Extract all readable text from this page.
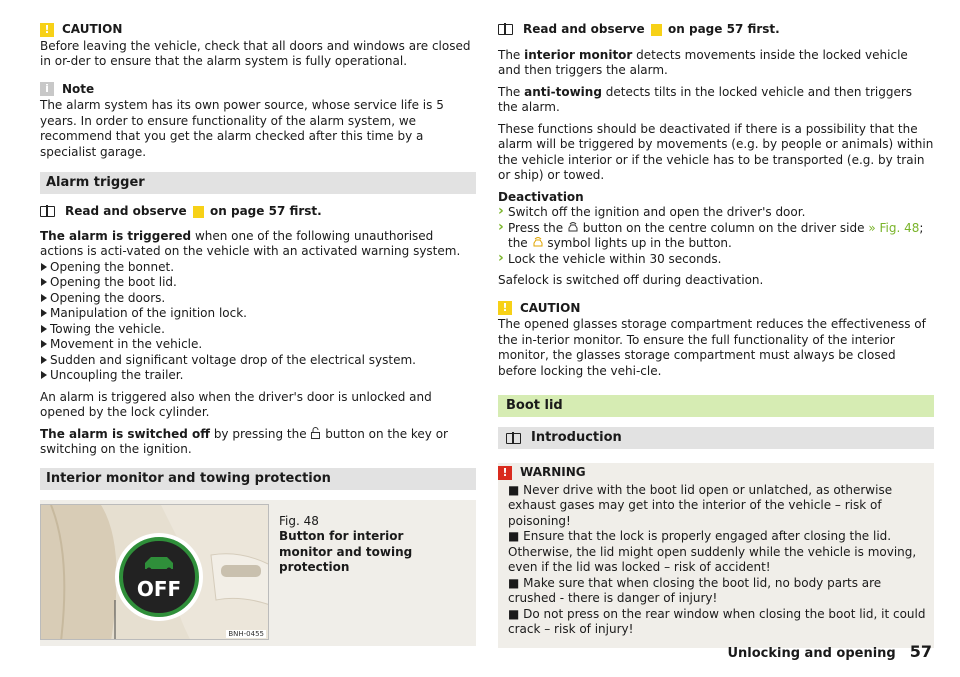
!	CAUTION

Before leaving the vehicle, check that all doors and windows are closed in or-der to ensure that the alarm system is fully operational.

i	Note

The alarm system has its own power source, whose service life is 5 years. In order to ensure functionality of the alarm system, we recommend that you get the alarm checked after this time by a specialist garage.

Alarm trigger
Read and observe

on page 57 first.
The alarm is triggered when one of the following unauthorised actions is acti-vated on the vehicle with an activated warning system.
Opening the bonnet.
Opening the boot lid.
Opening the doors.
Manipulation of the ignition lock.
Towing the vehicle.
Movement in the vehicle.
Sudden and significant voltage drop of the electrical system.
Uncoupling the trailer.

An alarm is triggered also when the driver's door is unlocked and opened by the lock cylinder.

The alarm is switched off by pressing the  button on the key or switching on the ignition.

Interior monitor and towing protection
OFF
BNH-0455
Fig. 48
Button for interior monitor and towing protection
Read and observe

on page 57 first.

The interior monitor detects movements inside the locked vehicle and then triggers the alarm.

The anti-towing detects tilts in the locked vehicle and then triggers the alarm.

These functions should be deactivated if there is a possibility that the alarm will be triggered by movements (e.g. by people or animals) within the vehicle interior or if the vehicle has to be transported (e.g. by train or ship) or towed.

Deactivation
› Switch off the ignition and open the driver's door.
› Press the  button on the centre column on the driver side » Fig. 48; the  symbol lights up in the button.
› Lock the vehicle within 30 seconds.

Safelock is switched off during deactivation.

!	CAUTION

The opened glasses storage compartment reduces the effectiveness of the in-terior monitor. To ensure the full functionality of the interior monitor, the glasses storage compartment must always be closed before locking the vehi-cle.

Boot lid
Introduction
!	WARNING
■ Never drive with the boot lid open or unlatched, as otherwise exhaust gases may get into the interior of the vehicle – risk of poisoning!
■ Ensure that the lock is properly engaged after closing the lid. Otherwise, the lid might open suddenly while the vehicle is moving, even if the lid was locked – risk of accident!
■ Make sure that when closing the boot lid, no body parts are crushed - there is danger of injury!
■ Do not press on the rear window when closing the boot lid, it could crack – risk of injury!
Unlocking and opening 57
